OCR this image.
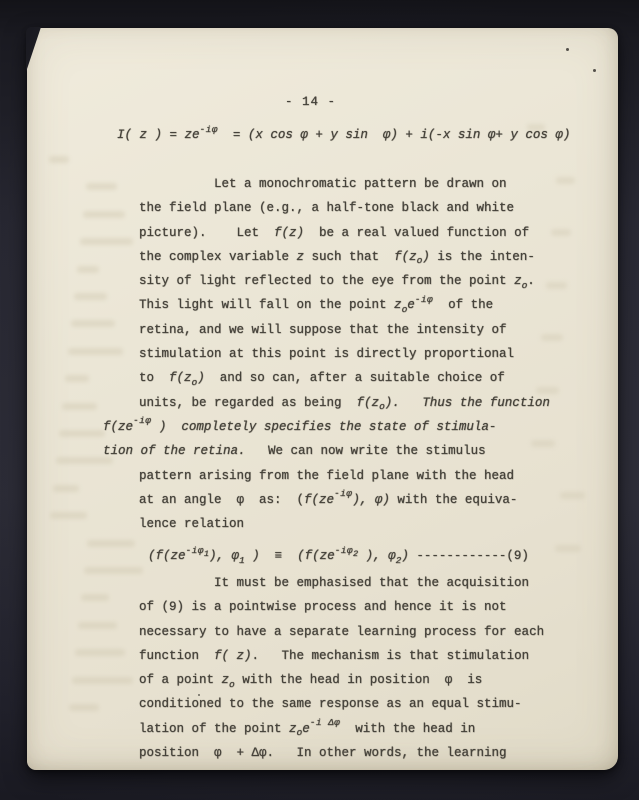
- 14 -
I( z ) = $ze^{-i\varphi} = (x$ cos φ + y sin  φ) + i(-x sin φ+ y cos φ)
Let a monochromatic pattern be drawn on
the field plane (e.g., a half-tone black and white
picture).    Let  f(z)  be a real valued function of
the complex variable z such that  $f(z_o)$ is the inten-
sity of light reflected to the eye from the point $z_o$.
This light will fall on the point $z_oe^{-i\varphi}$  of the
retina, and we will suppose that the intensity of
stimulation at this point is directly proportional
to  $f(z_o)$  and so can, after a suitable choice of
units, be regarded as being  $f(z_o)$. Thus the function
$f(ze^{-i\varphi}$ )  completely specifies the state of stimula-
tion of the retina.   We can now write the stimulus
pattern arising from the field plane with the head
at an angle  φ  as:  ($f(ze^{-i\varphi})$, φ) with the equiva-
lence relation
($f(ze^{-i\varphi 1})$, $\varphi_1$ )  ≡  ($f(ze^{-i\varphi 2}$ ), $\varphi_2$) ------------(9)
It must be emphasised that the acquisition
of (9) is a pointwise process and hence it is not
necessary to have a separate learning process for each
function  f( z).   The mechanism is that stimulation
of a point $z_o$ with the head in position  φ  is
conditioned to the same response as an equal stimu-
lation of the point $z_oe^{-i \Delta\varphi}$  with the head in
position  φ  + Δφ.   In other words, the learning
